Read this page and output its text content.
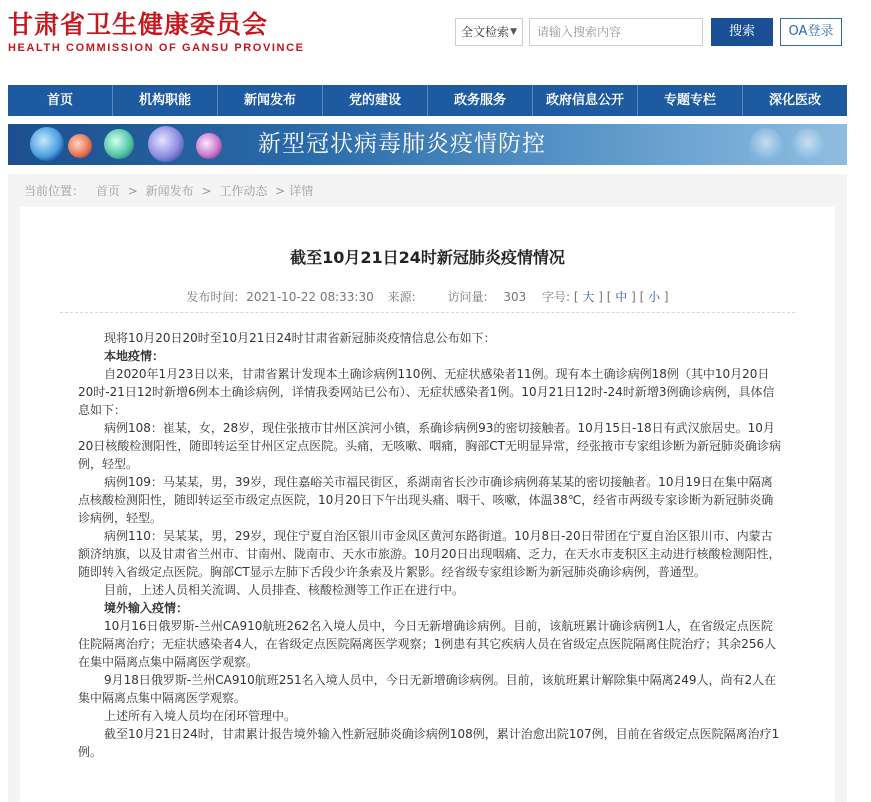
甘肃省卫生健康委员会
HEALTH COMMISSION OF GANSU PROVINCE
全文检索 ▼
请输入搜索内容	搜索	OA登录
首页	机构职能	新闻发布	党的建设	政务服务	政府信息公开	专题专栏	深化医改
新型冠状病毒肺炎疫情防控
当前位置： 首页 > 新闻发布 > 工作动态 > 详情
截至10月21日24时新冠肺炎疫情情况
发布时间: 2021-10-22 08:33:30 来源:	访问量: 303 字号: [ 大 ] [ 中 ] [ 小 ]

现将10月20日20时至10月21日24时甘肃省新冠肺炎疫情信息公布如下：

本地疫情：

自2020年1月23日以来，甘肃省累计发现本土确诊病例110例、无症状感染者11例。现有本土确诊病例18例（其中10月20日20时-21日12时新增6例本土确诊病例，详情我委网站已公布）、无症状感染者1例。10月21日12时-24时新增3例确诊病例，具体信息如下：

病例108：崔某，女，28岁，现住张掖市甘州区滨河小镇，系确诊病例93的密切接触者。10月15日-18日有武汉旅居史。10月20日核酸检测阳性，随即转运至甘州区定点医院。头痛，无咳嗽、咽痛，胸部CT无明显异常，经张掖市专家组诊断为新冠肺炎确诊病例，轻型。

病例109：马某某，男，39岁，现住嘉峪关市福民街区，系湖南省长沙市确诊病例蒋某某的密切接触者。10月19日在集中隔离点核酸检测阳性，随即转运至市级定点医院，10月20日下午出现头痛、咽干、咳嗽，体温38℃，经省市两级专家诊断为新冠肺炎确诊病例，轻型。

病例110：吴某某，男，29岁，现住宁夏自治区银川市金凤区黄河东路街道。10月8日-20日带团在宁夏自治区银川市、内蒙古额济纳旗，以及甘肃省兰州市、甘南州、陇南市、天水市旅游。10月20日出现咽痛、乏力，在天水市麦积区主动进行核酸检测阳性，随即转入省级定点医院。胸部CT显示左肺下舌段少许条索及片絮影。经省级专家组诊断为新冠肺炎确诊病例，普通型。

目前，上述人员相关流调、人员排查、核酸检测等工作正在进行中。

境外输入疫情：

10月16日俄罗斯-兰州CA910航班262名入境人员中，今日无新增确诊病例。目前，该航班累计确诊病例1人，在省级定点医院住院隔离治疗；无症状感染者4人，在省级定点医院隔离医学观察；1例患有其它疾病人员在省级定点医院隔离住院治疗；其余256人在集中隔离点集中隔离医学观察。

9月18日俄罗斯-兰州CA910航班251名入境人员中，今日无新增确诊病例。目前，该航班累计解除集中隔离249人，尚有2人在集中隔离点集中隔离医学观察。

上述所有入境人员均在闭环管理中。

截至10月21日24时，甘肃累计报告境外输入性新冠肺炎确诊病例108例，累计治愈出院107例，目前在省级定点医院隔离治疗1例。
